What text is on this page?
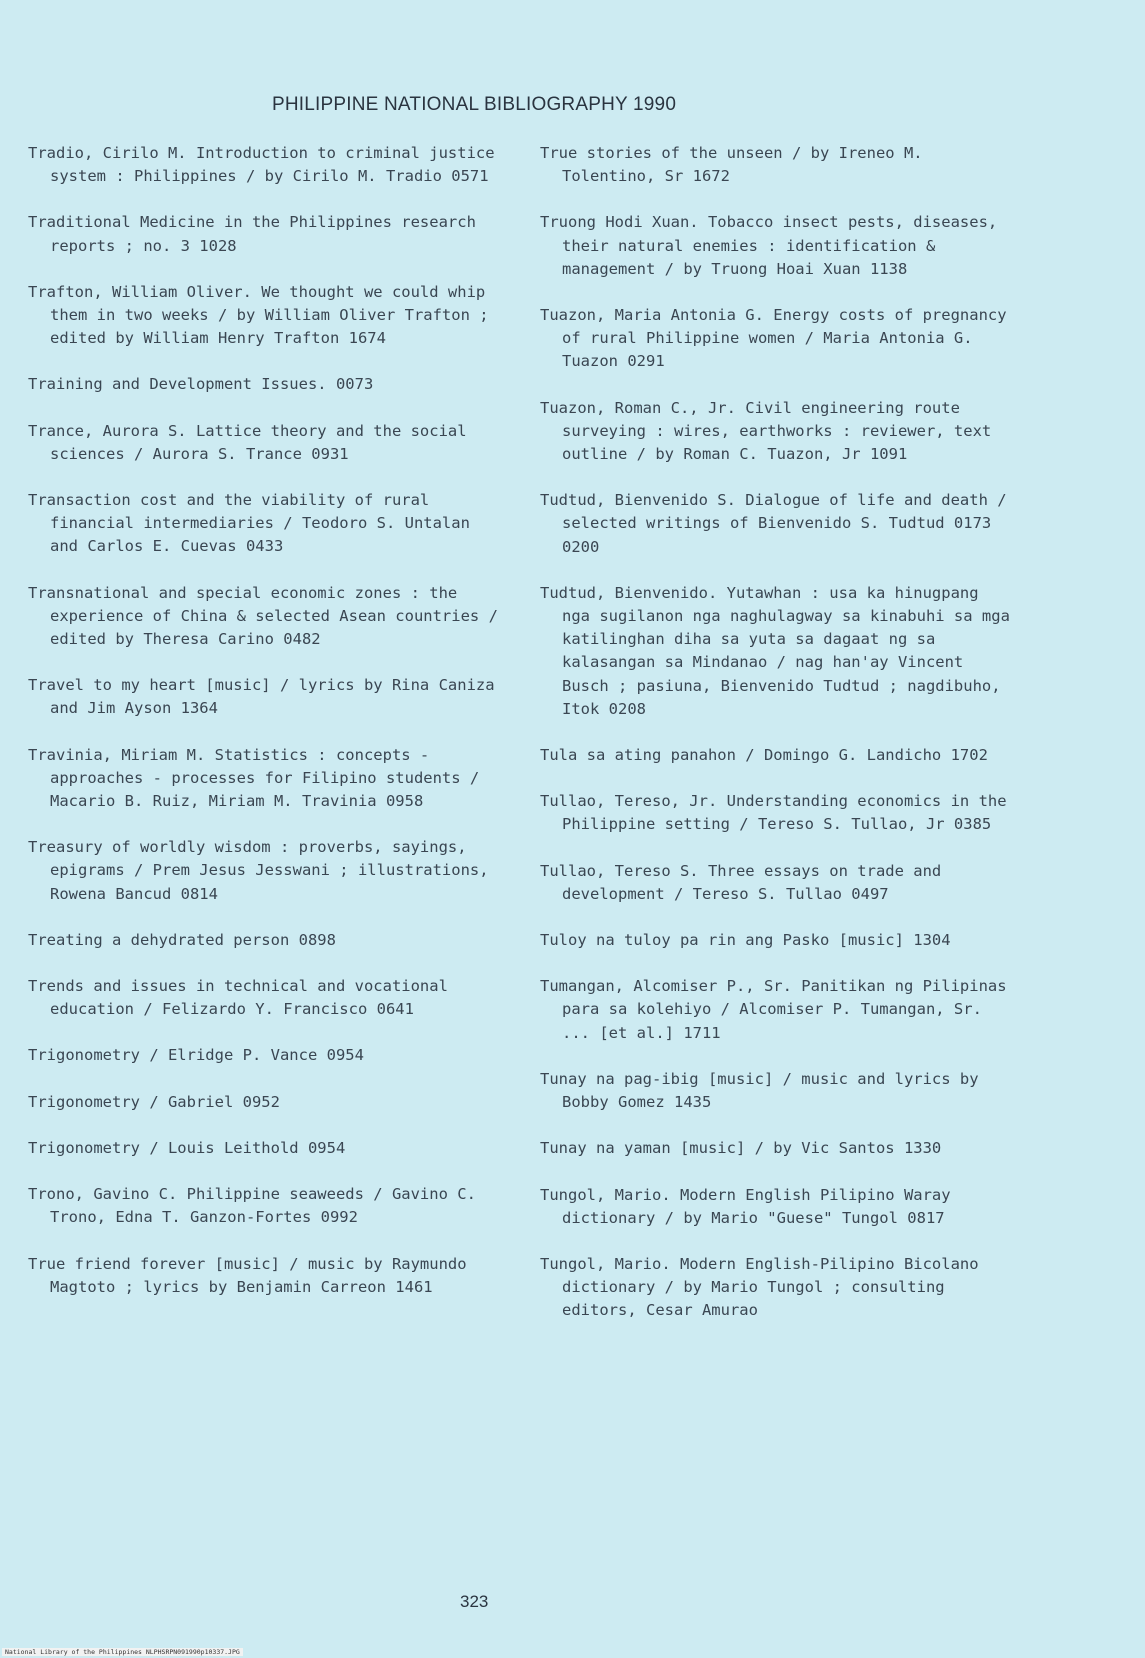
PHILIPPINE NATIONAL BIBLIOGRAPHY 1990

Tradio, Cirilo M. Introduction to criminal justice system : Philippines / by Cirilo M. Tradio 0571

Traditional Medicine in the Philippines research reports ; no. 3 1028

Trafton, William Oliver. We thought we could whip them in two weeks / by William Oliver Trafton ; edited by William Henry Trafton 1674

Training and Development Issues. 0073

Trance, Aurora S. Lattice theory and the social sciences / Aurora S. Trance 0931

Transaction cost and the viability of rural financial intermediaries / Teodoro S. Untalan and Carlos E. Cuevas 0433

Transnational and special economic zones : the experience of China & selected Asean countries / edited by Theresa Carino 0482

Travel to my heart [music] / lyrics by Rina Caniza and Jim Ayson 1364

Travinia, Miriam M. Statistics : concepts - approaches - processes for Filipino students / Macario B. Ruiz, Miriam M. Travinia 0958

Treasury of worldly wisdom : proverbs, sayings, epigrams / Prem Jesus Jesswani ; illustrations, Rowena Bancud 0814

Treating a dehydrated person 0898

Trends and issues in technical and vocational education / Felizardo Y. Francisco 0641

Trigonometry / Elridge P. Vance 0954

Trigonometry / Gabriel 0952

Trigonometry / Louis Leithold 0954

Trono, Gavino C. Philippine seaweeds / Gavino C. Trono, Edna T. Ganzon-Fortes 0992

True friend forever [music] / music by Raymundo Magtoto ; lyrics by Benjamin Carreon 1461

True stories of the unseen / by Ireneo M. Tolentino, Sr 1672

Truong Hodi Xuan. Tobacco insect pests, diseases, their natural enemies : identification & management / by Truong Hoai Xuan 1138

Tuazon, Maria Antonia G. Energy costs of pregnancy of rural Philippine women / Maria Antonia G. Tuazon 0291

Tuazon, Roman C., Jr. Civil engineering route surveying : wires, earthworks : reviewer, text outline / by Roman C. Tuazon, Jr 1091

Tudtud, Bienvenido S. Dialogue of life and death / selected writings of Bienvenido S. Tudtud 0173 0200

Tudtud, Bienvenido. Yutawhan : usa ka hinugpang nga sugilanon nga naghulagway sa kinabuhi sa mga katilinghan diha sa yuta sa dagaat ng sa kalasangan sa Mindanao / nag han'ay Vincent Busch ; pasiuna, Bienvenido Tudtud ; nagdibuho, Itok 0208

Tula sa ating panahon / Domingo G. Landicho 1702

Tullao, Tereso, Jr. Understanding economics in the Philippine setting / Tereso S. Tullao, Jr 0385

Tullao, Tereso S. Three essays on trade and development / Tereso S. Tullao 0497

Tuloy na tuloy pa rin ang Pasko [music] 1304

Tumangan, Alcomiser P., Sr. Panitikan ng Pilipinas para sa kolehiyo / Alcomiser P. Tumangan, Sr. ... [et al.] 1711

Tunay na pag-ibig [music] / music and lyrics by Bobby Gomez 1435

Tunay na yaman [music] / by Vic Santos 1330

Tungol, Mario. Modern English Pilipino Waray dictionary / by Mario "Guese" Tungol 0817

Tungol, Mario. Modern English-Pilipino Bicolano dictionary / by Mario Tungol ; consulting editors, Cesar Amurao

323
National Library of the Philippines NLPHSRPN091990p10337.JPG
